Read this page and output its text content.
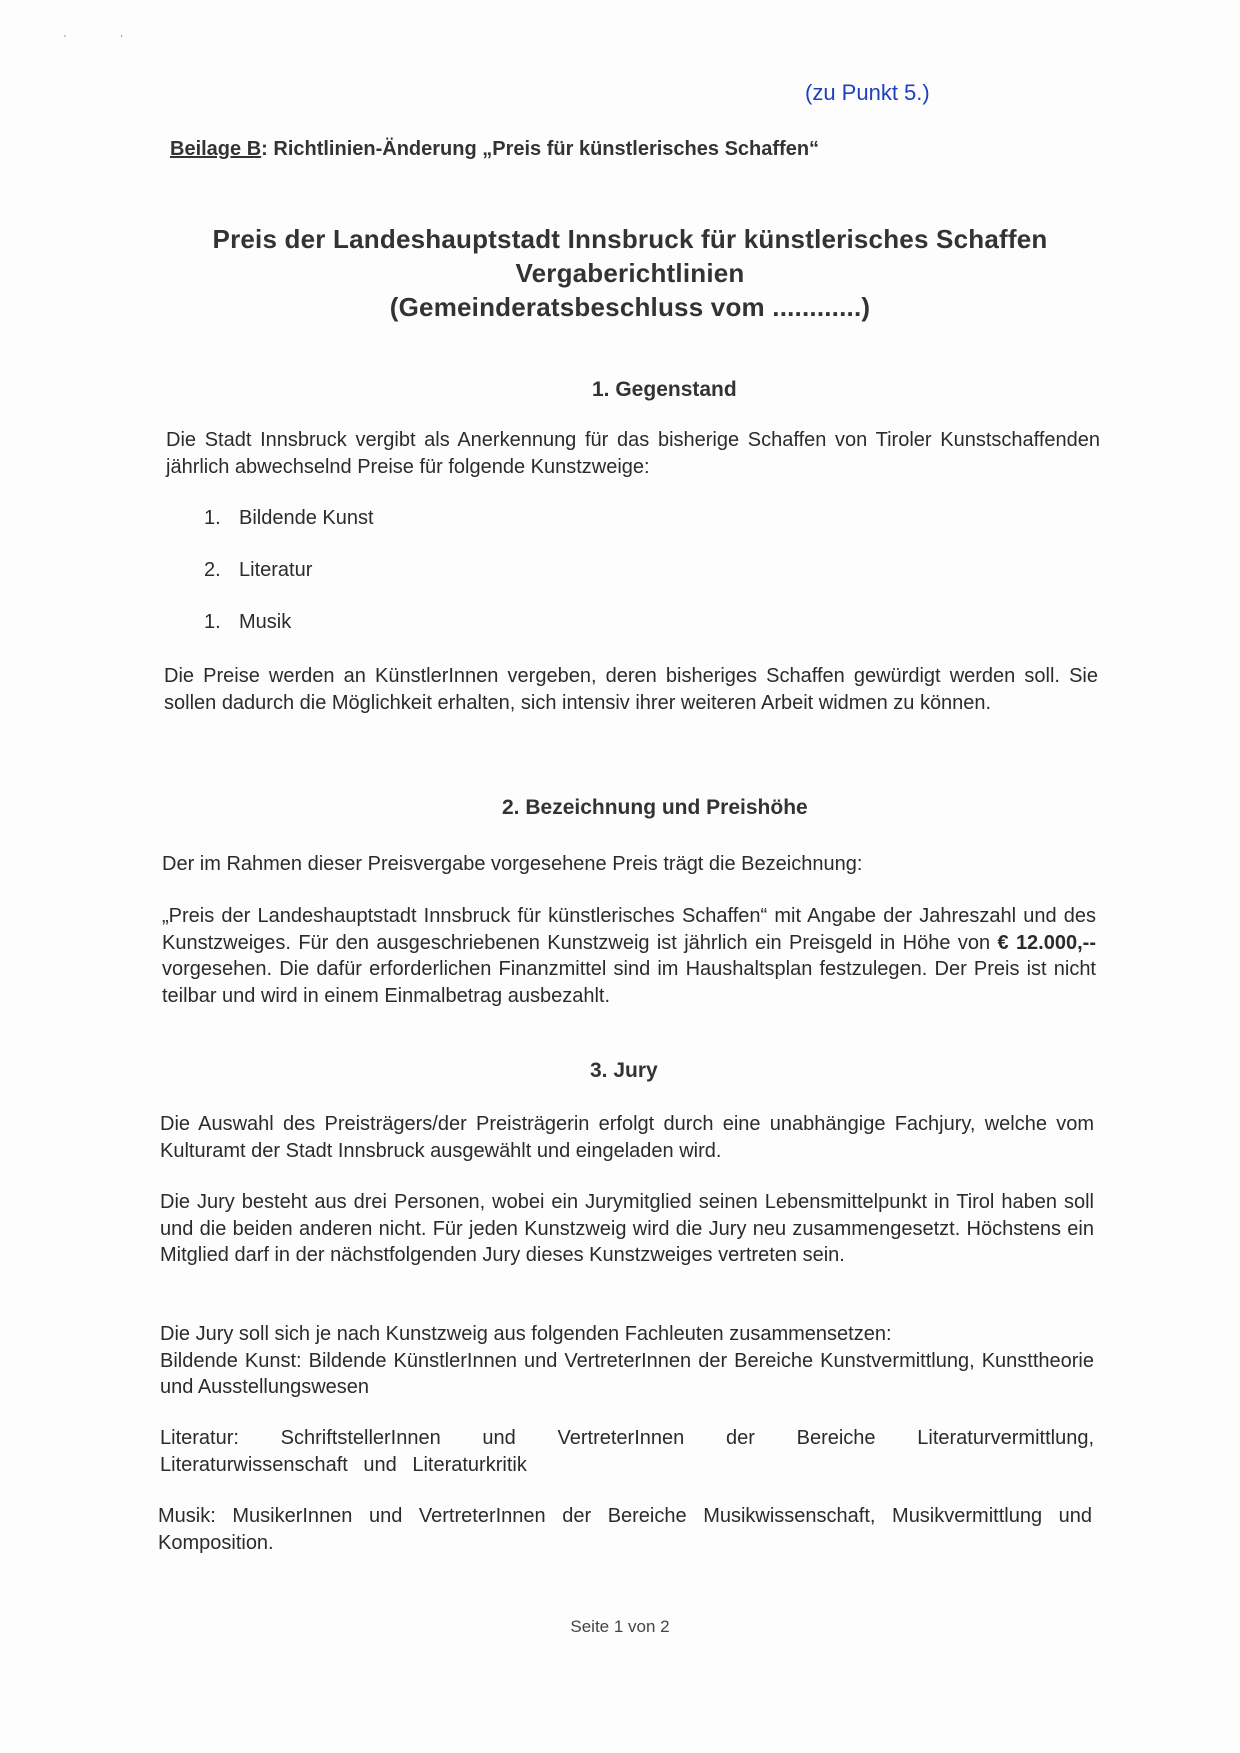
' '
(zu Punkt 5.)
Beilage B: Richtlinien-Änderung „Preis für künstlerisches Schaffen“
Preis der Landeshauptstadt Innsbruck für künstlerisches Schaffen
Vergaberichtlinien
(Gemeinderatsbeschluss vom ............)
1. Gegenstand

Die Stadt Innsbruck vergibt als Anerkennung für das bisherige Schaffen von Tiroler Kunstschaffenden jährlich abwechselnd Preise für folgende Kunstzweige:

1. Bildende Kunst
2. Literatur
1. Musik

Die Preise werden an KünstlerInnen vergeben, deren bisheriges Schaffen gewürdigt werden soll. Sie sollen dadurch die Möglichkeit erhalten, sich intensiv ihrer weiteren Arbeit widmen zu können.

2. Bezeichnung und Preishöhe

Der im Rahmen dieser Preisvergabe vorgesehene Preis trägt die Bezeichnung:

„Preis der Landeshauptstadt Innsbruck für künstlerisches Schaffen“ mit Angabe der Jahreszahl und des Kunstzweiges. Für den ausgeschriebenen Kunstzweig ist jährlich ein Preisgeld in Höhe von € 12.000,-- vorgesehen. Die dafür erforderlichen Finanzmittel sind im Haushaltsplan festzulegen. Der Preis ist nicht teilbar und wird in einem Einmalbetrag ausbezahlt.

3. Jury

Die Auswahl des Preisträgers/der Preisträgerin erfolgt durch eine unabhängige Fachjury, welche vom Kulturamt der Stadt Innsbruck ausgewählt und eingeladen wird.

Die Jury besteht aus drei Personen, wobei ein Jurymitglied seinen Lebensmittelpunkt in Tirol haben soll und die beiden anderen nicht. Für jeden Kunstzweig wird die Jury neu zusammengesetzt. Höchstens ein Mitglied darf in der nächstfolgenden Jury dieses Kunstzweiges vertreten sein.

Die Jury soll sich je nach Kunstzweig aus folgenden Fachleuten zusammensetzen:
Bildende Kunst: Bildende KünstlerInnen und VertreterInnen der Bereiche Kunstvermittlung, Kunsttheorie und Ausstellungswesen

Literatur: SchriftstellerInnen und VertreterInnen der Bereiche Literaturvermittlung, Literaturwissenschaft und Literaturkritik

Musik: MusikerInnen und VertreterInnen der Bereiche Musikwissenschaft, Musikvermittlung und Komposition.

Seite 1 von 2
